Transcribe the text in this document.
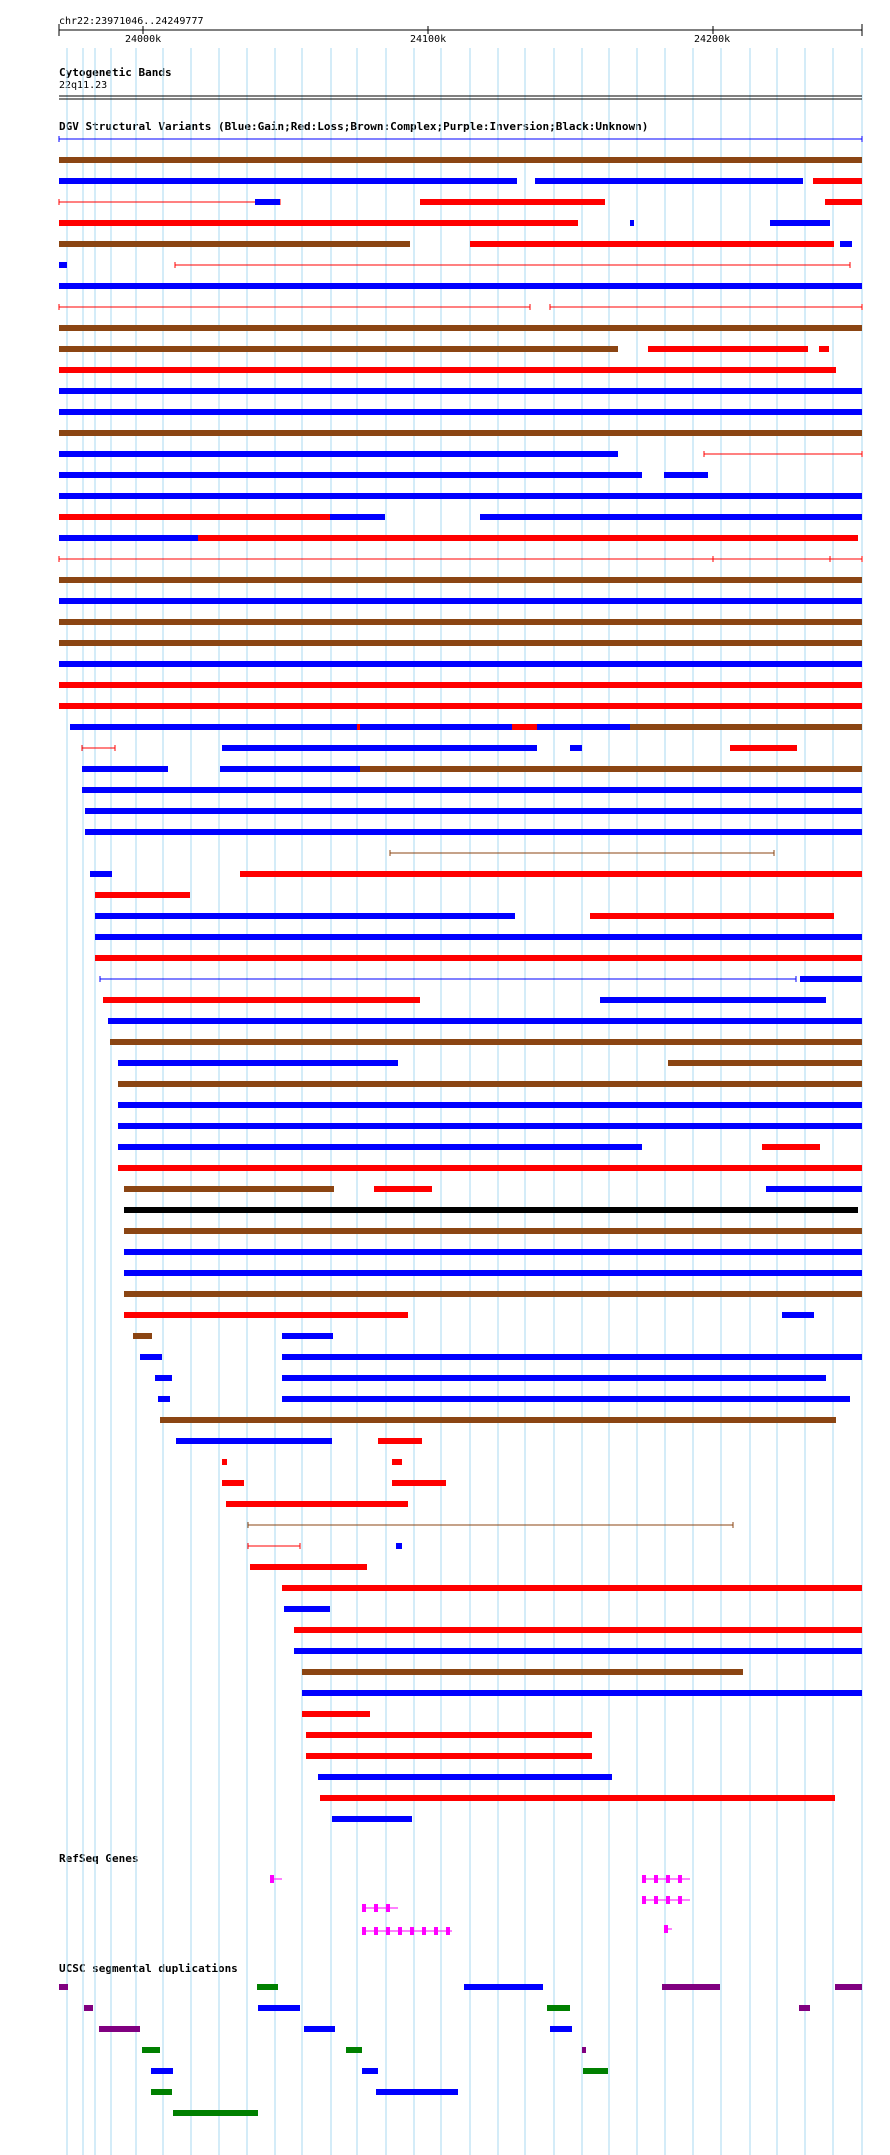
chr22:23971046..24249777
24000k	24100k	24200k
Cytogenetic Bands
22q11.23
DGV Structural Variants (Blue:Gain;Red:Loss;Brown:Complex;Purple:Inversion;Black:Unknown)
RefSeq Genes
UCSC segmental duplications
